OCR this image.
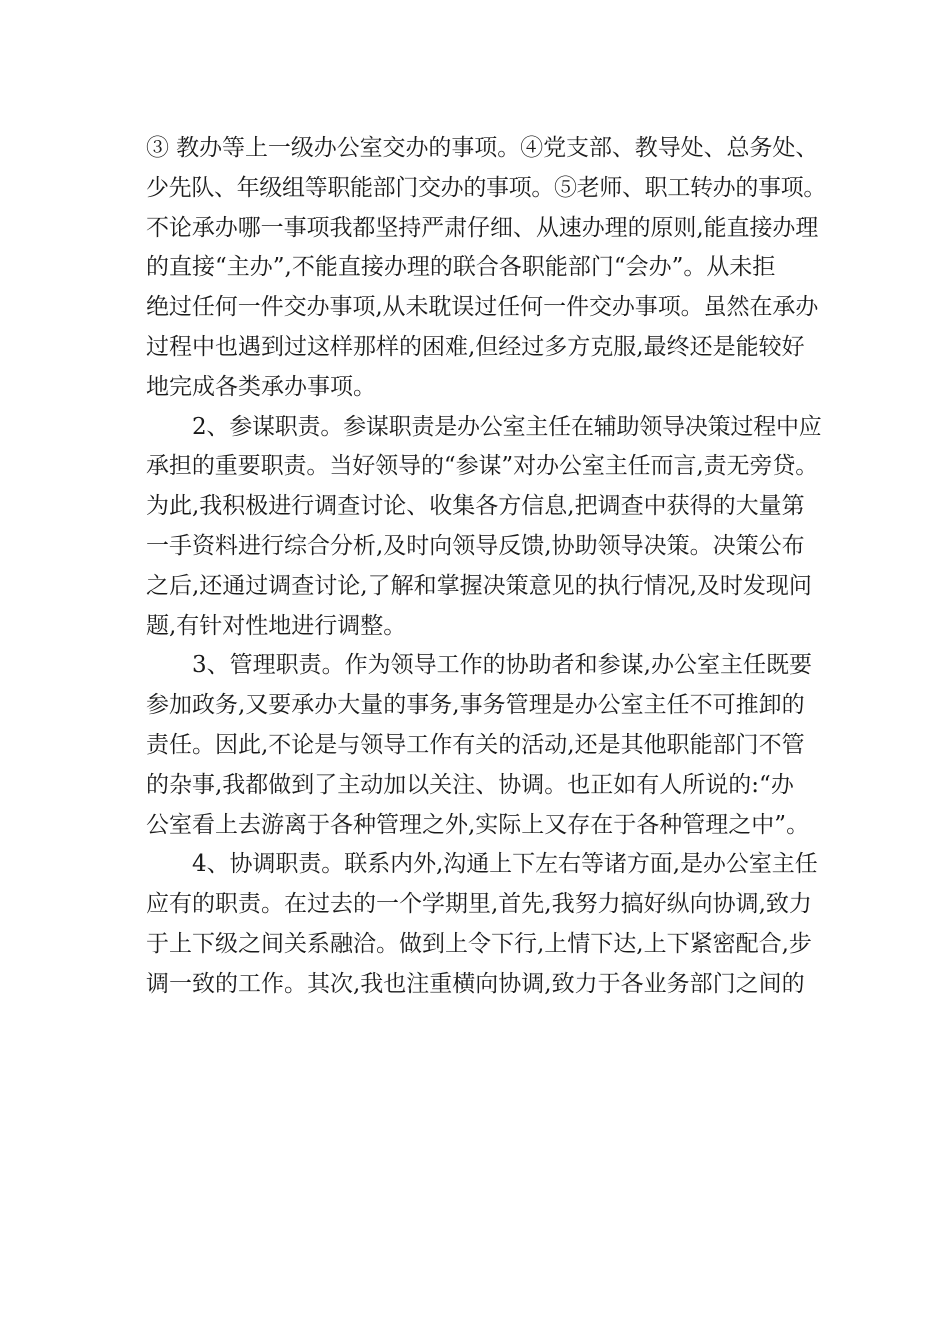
③ 教办等上一级办公室交办的事项。④党支部、教导处、总务处、
少先队、年级组等职能部门交办的事项。⑤老师、职工转办的事项。
不论承办哪一事项我都坚持严肃仔细、从速办理的原则,能直接办理
的直接“主办”,不能直接办理的联合各职能部门“会办”。从未拒
绝过任何一件交办事项,从未耽误过任何一件交办事项。虽然在承办
过程中也遇到过这样那样的困难,但经过多方克服,最终还是能较好
地完成各类承办事项。
2、参谋职责。参谋职责是办公室主任在辅助领导决策过程中应
承担的重要职责。当好领导的“参谋”对办公室主任而言,责无旁贷。
为此,我积极进行调查讨论、收集各方信息,把调查中获得的大量第
一手资料进行综合分析,及时向领导反馈,协助领导决策。决策公布
之后,还通过调查讨论,了解和掌握决策意见的执行情况,及时发现问
题,有针对性地进行调整。
3、管理职责。作为领导工作的协助者和参谋,办公室主任既要
参加政务,又要承办大量的事务,事务管理是办公室主任不可推卸的
责任。因此,不论是与领导工作有关的活动,还是其他职能部门不管
的杂事,我都做到了主动加以关注、协调。也正如有人所说的:“办
公室看上去游离于各种管理之外,实际上又存在于各种管理之中”。
4、协调职责。联系内外,沟通上下左右等诸方面,是办公室主任
应有的职责。在过去的一个学期里,首先,我努力搞好纵向协调,致力
于上下级之间关系融洽。做到上令下行,上情下达,上下紧密配合,步
调一致的工作。其次,我也注重横向协调,致力于各业务部门之间的
